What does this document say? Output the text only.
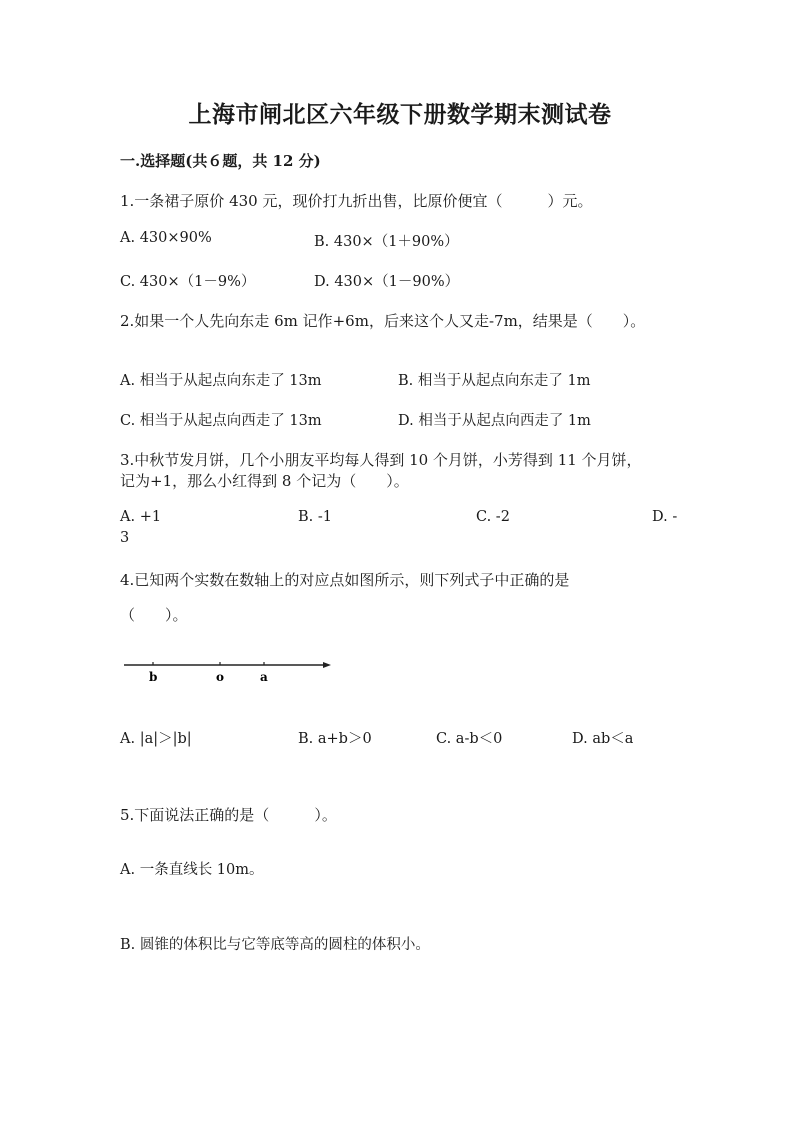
上海市闸北区六年级下册数学期末测试卷
一.选择题(共６题，共 12 分)
1.一条裙子原价 430 元，现价打九折出售，比原价便宜（　　　）元。
A. 430×90%	B. 430×（1＋90%）
C. 430×（1－9%）	D. 430×（1－90%）
2.如果一个人先向东走 6m 记作+6m，后来这个人又走-7m，结果是（　　）。
A. 相当于从起点向东走了 13m	B. 相当于从起点向东走了 1m
C. 相当于从起点向西走了 13m	D. 相当于从起点向西走了 1m
3.中秋节发月饼，几个小朋友平均每人得到 10 个月饼，小芳得到 11 个月饼，
记为+1，那么小红得到 8 个记为（　　）。
A. +1	B. -1	C. -2	D. -
3
4.已知两个实数在数轴上的对应点如图所示，则下列式子中正确的是
（　　）。
b	o	a
A. |a|＞|b|	B. a+b＞0	C. a-b＜0	D. ab＜a
5.下面说法正确的是（　　　）。
A. 一条直线长 10m。
B. 圆锥的体积比与它等底等高的圆柱的体积小。
